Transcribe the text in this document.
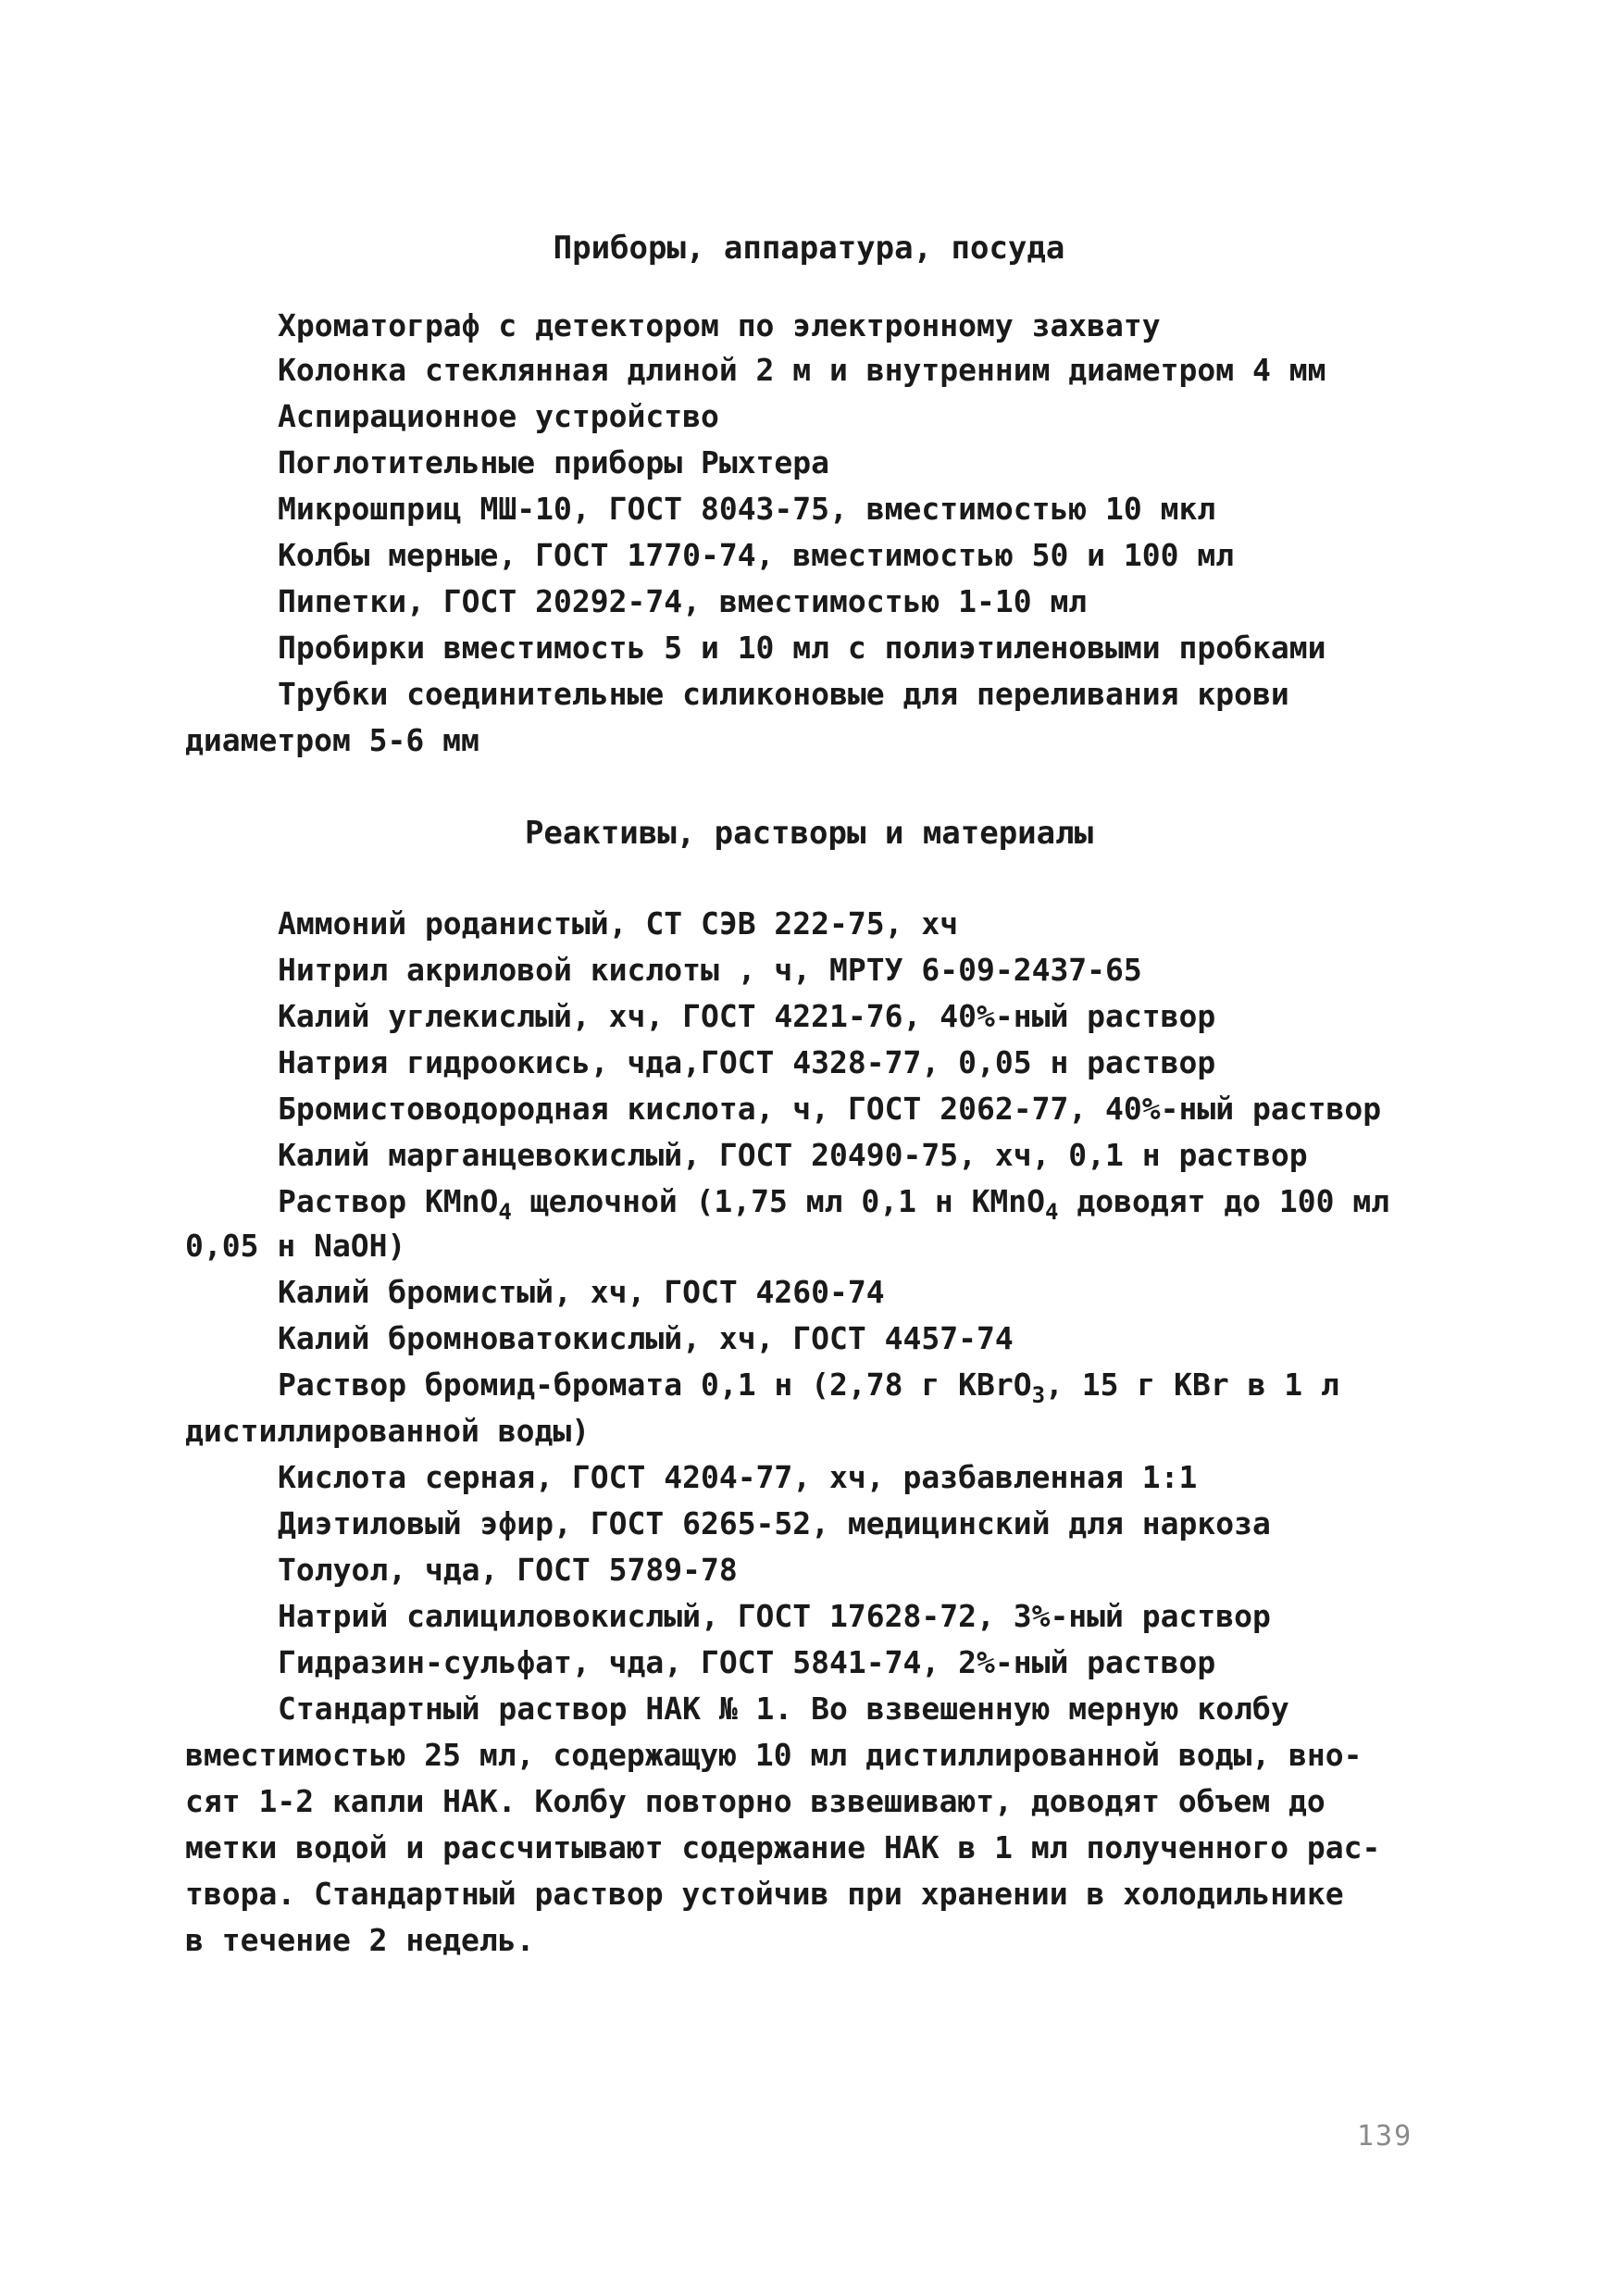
Приборы, аппаратура, посуда
Хроматограф с детектором по электронному захвату
Колонка стеклянная длиной 2 м и внутренним диаметром 4 мм
Аспирационное устройство
Поглотительные приборы Рыхтера
Микрошприц МШ-10, ГОСТ 8043-75, вместимостью 10 мкл
Колбы мерные, ГОСТ 1770-74, вместимостью 50 и 100 мл
Пипетки, ГОСТ 20292-74, вместимостью 1-10 мл
Пробирки вместимость 5 и 10 мл с полиэтиленовыми пробками
Трубки соединительные силиконовые для переливания крови
диаметром 5-6 мм
Реактивы, растворы и материалы
Аммоний роданистый, СТ СЭВ 222-75, хч
Нитрил акриловой кислоты , ч, МРТУ 6-09-2437-65
Калий углекислый, хч, ГОСТ 4221-76, 40%-ный раствор
Натрия гидроокись, чда,ГОСТ 4328-77, 0,05 н раствор
Бромистоводородная кислота, ч, ГОСТ 2062-77, 40%-ный раствор
Калий марганцевокислый, ГОСТ 20490-75, хч, 0,1 н раствор
Раствор KMnO$_4$ щелочной (1,75 мл 0,1 н KMnO$_4$ доводят до 100 мл
0,05 н NaOH)
Калий бромистый, хч, ГОСТ 4260-74
Калий бромноватокислый, хч, ГОСТ 4457-74
Раствор бромид-бромата 0,1 н (2,78 г KBrO$_3$, 15 г KBr в 1 л
дистиллированной воды)
Кислота серная, ГОСТ 4204-77, хч, разбавленная 1:1
Диэтиловый эфир, ГОСТ 6265-52, медицинский для наркоза
Толуол, чда, ГОСТ 5789-78
Натрий салициловокислый, ГОСТ 17628-72, 3%-ный раствор
Гидразин-сульфат, чда, ГОСТ 5841-74, 2%-ный раствор
Стандартный раствор НАК № 1. Во взвешенную мерную колбу
вместимостью 25 мл, содержащую 10 мл дистиллированной воды, вно-
сят 1-2 капли НАК. Колбу повторно взвешивают, доводят объем до
метки водой и рассчитывают содержание НАК в 1 мл полученного рас-
твора. Стандартный раствор устойчив при хранении в холодильнике
в течение 2 недель.
139
